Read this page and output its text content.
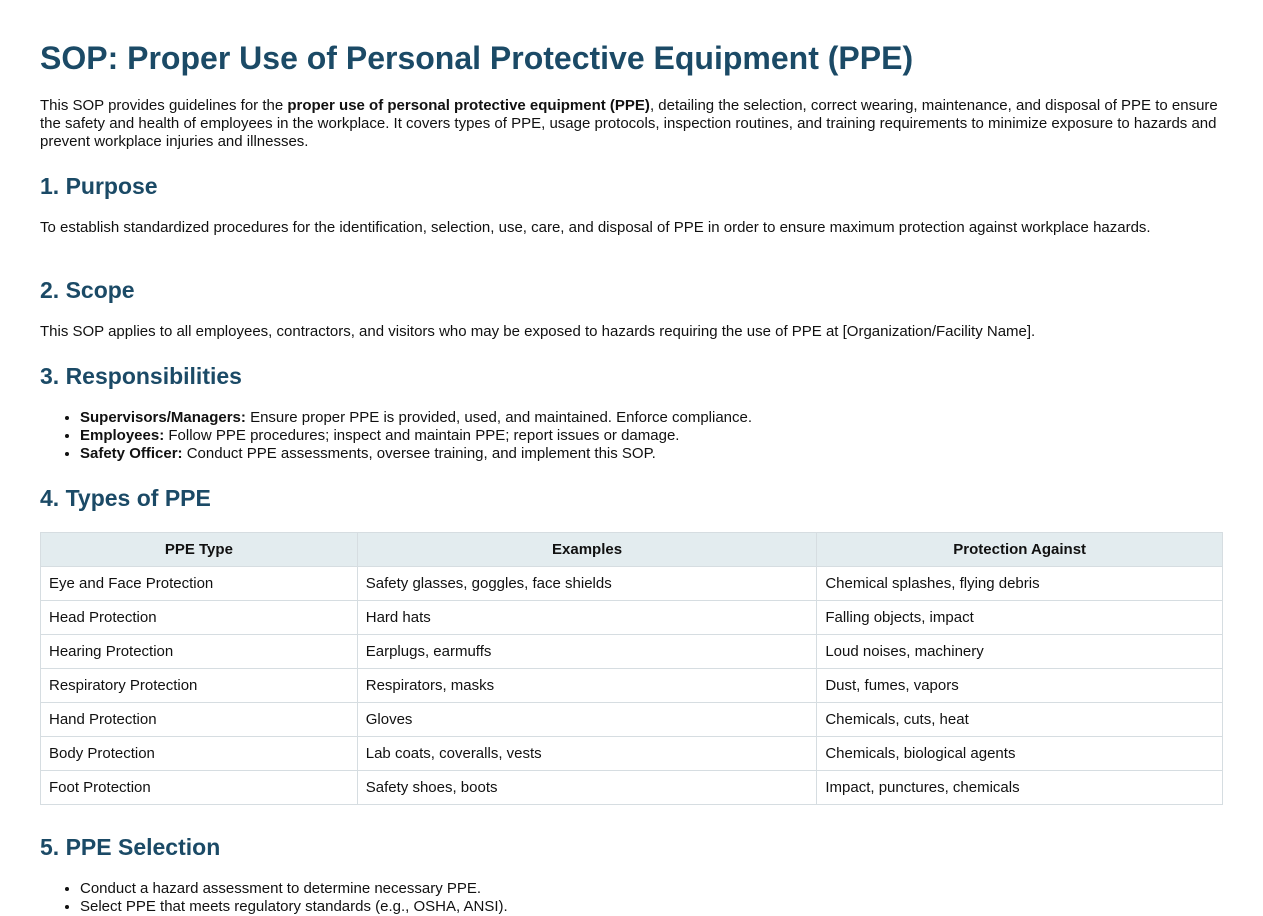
SOP: Proper Use of Personal Protective Equipment (PPE)

This SOP provides guidelines for the proper use of personal protective equipment (PPE), detailing the selection, correct wearing, maintenance, and disposal of PPE to ensure the safety and health of employees in the workplace. It covers types of PPE, usage protocols, inspection routines, and training requirements to minimize exposure to hazards and prevent workplace injuries and illnesses.

1. Purpose

To establish standardized procedures for the identification, selection, use, care, and disposal of PPE in order to ensure maximum protection against workplace hazards.

2. Scope

This SOP applies to all employees, contractors, and visitors who may be exposed to hazards requiring the use of PPE at [Organization/Facility Name].

3. Responsibilities
• Supervisors/Managers: Ensure proper PPE is provided, used, and maintained. Enforce compliance.
• Employees: Follow PPE procedures; inspect and maintain PPE; report issues or damage.
• Safety Officer: Conduct PPE assessments, oversee training, and implement this SOP.
4. Types of PPE
PPE Type	Examples	Protection Against
Eye and Face Protection	Safety glasses, goggles, face shields	Chemical splashes, flying debris
Head Protection	Hard hats	Falling objects, impact
Hearing Protection	Earplugs, earmuffs	Loud noises, machinery
Respiratory Protection	Respirators, masks	Dust, fumes, vapors
Hand Protection	Gloves	Chemicals, cuts, heat
Body Protection	Lab coats, coveralls, vests	Chemicals, biological agents
Foot Protection	Safety shoes, boots	Impact, punctures, chemicals
5. PPE Selection
• Conduct a hazard assessment to determine necessary PPE.
• Select PPE that meets regulatory standards (e.g., OSHA, ANSI).
